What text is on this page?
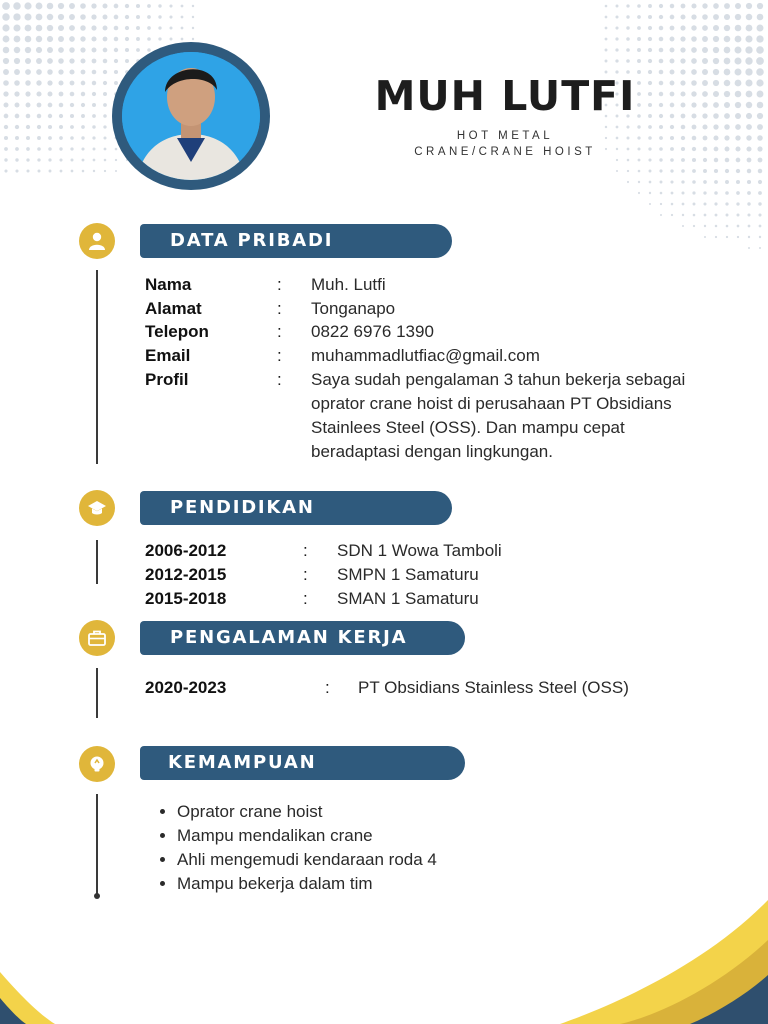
MUH LUTFI
HOT METAL
CRANE/CRANE HOIST
DATA PRIBADI
Nama	: Muh. Lutfi
Alamat	: Tonganapo
Telepon	: 0822 6976 1390
Email	: muhammadlutfiac@gmail.com
Profil	: Saya sudah pengalaman 3 tahun bekerja sebagai oprator crane hoist di perusahaan PT Obsidians Stainlees Steel (OSS). Dan mampu cepat beradaptasi dengan lingkungan.
PENDIDIKAN
2006-2012	: SDN 1 Wowa Tamboli
2012-2015	: SMPN 1 Samaturu
2015-2018	: SMAN 1 Samaturu
PENGALAMAN KERJA
2020-2023	: PT Obsidians Stainless Steel (OSS)
KEMAMPUAN
• Oprator crane hoist
• Mampu mendalikan crane
• Ahli mengemudi kendaraan roda 4
• Mampu bekerja dalam tim
